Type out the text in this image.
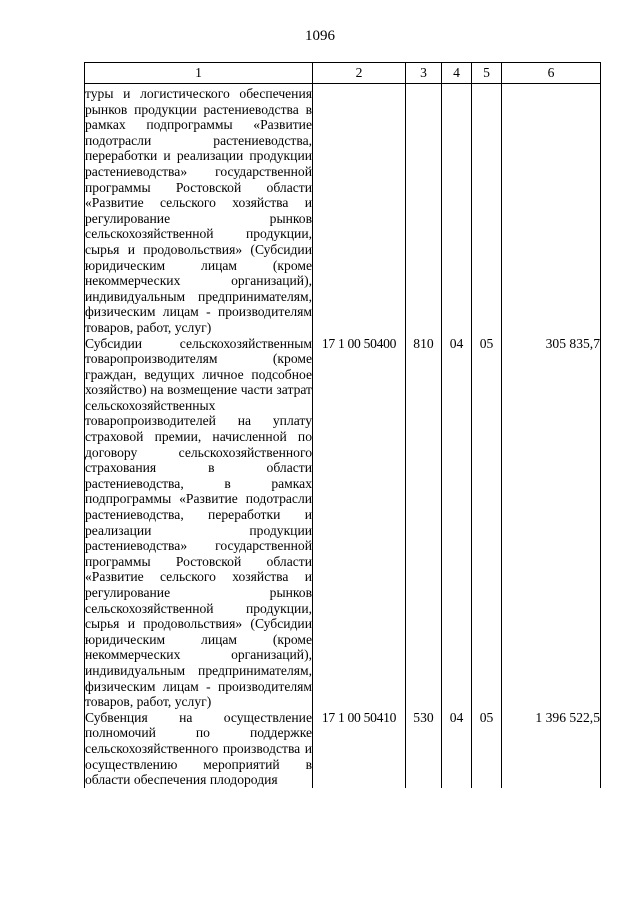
1096
1	2	3	4	5	6
туры и логистического обеспечения рынков продукции растениеводства в рамках подпрограммы «Развитие подотрасли растениеводства, переработки и реализации продукции растениеводства» государственной программы Ростовской области «Развитие сельского хозяйства и регулирование рынков сельскохозяйственной продукции, сырья и продовольствия» (Субсидии юридическим лицам (кроме некоммерческих организаций), индивидуальным предпринимателям, физическим лицам - производителям товаров, работ, услуг)					
Субсидии сельскохозяйственным товаропроизводителям (кроме граждан, ведущих личное подсобное хозяйство) на возмещение части затрат сельскохозяйственных товаропроизводителей на уплату страховой премии, начисленной по договору сельскохозяйственного страхования в области растениеводства, в рамках подпрограммы «Развитие подотрасли растениеводства, переработки и реализации продукции растениеводства» государственной программы Ростовской области «Развитие сельского хозяйства и регулирование рынков сельскохозяйственной продукции, сырья и продовольствия» (Субсидии юридическим лицам (кроме некоммерческих организаций), индивидуальным предпринимателям, физическим лицам - производителям товаров, работ, услуг)	17 1 00 50400	810	04	05	305 835,7
Субвенция на осуществление полномочий по поддержке сельскохозяйственного производства и осуществлению мероприятий в области обеспечения плодородия	17 1 00 50410	530	04	05	1 396 522,5
